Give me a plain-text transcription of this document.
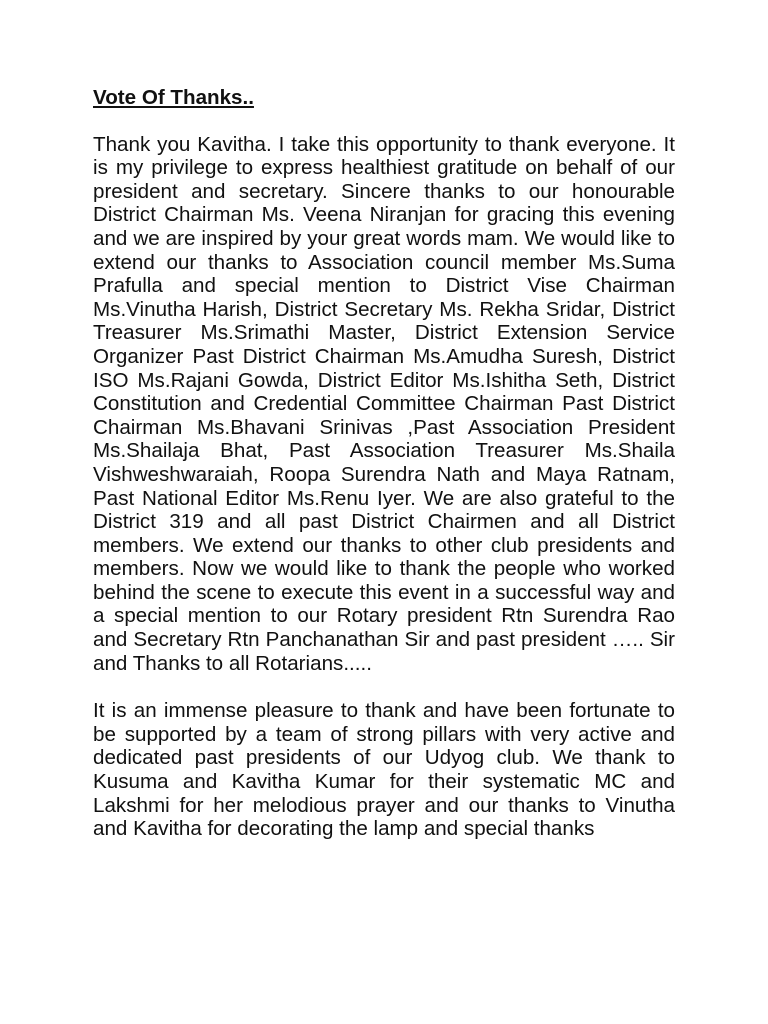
Vote Of Thanks..

Thank you Kavitha. I take this opportunity to thank everyone. It is my privilege to express healthiest gratitude on behalf of our president and secretary. Sincere thanks to our honourable District Chairman Ms. Veena Niranjan for gracing this evening and we are inspired by your great words mam. We would like to extend our thanks to Association council member Ms.Suma Prafulla and special mention to District Vise Chairman Ms.Vinutha Harish, District Secretary Ms. Rekha Sridar, District Treasurer Ms.Srimathi Master, District Extension Service Organizer Past District Chairman Ms.Amudha Suresh, District ISO Ms.Rajani Gowda, District Editor Ms.Ishitha Seth, District Constitution and Credential Committee Chairman Past District Chairman Ms.Bhavani Srinivas ,Past Association President Ms.Shailaja Bhat, Past Association Treasurer Ms.Shaila Vishweshwaraiah, Roopa Surendra Nath and Maya Ratnam, Past National Editor Ms.Renu Iyer. We are also grateful to the District 319 and all past District Chairmen and all District members. We extend our thanks to other club presidents and members. Now we would like to thank the people who worked behind the scene to execute this event in a successful way and a special mention to our Rotary president Rtn Surendra Rao and Secretary Rtn Panchanathan Sir and past president ….. Sir and Thanks to all Rotarians.....

It is an immense pleasure to thank and have been fortunate to be supported by a team of strong pillars with very active and dedicated past presidents of our Udyog club. We thank to Kusuma and Kavitha Kumar for their systematic MC and Lakshmi for her melodious prayer and our thanks to Vinutha and Kavitha for decorating the lamp and special thanks
